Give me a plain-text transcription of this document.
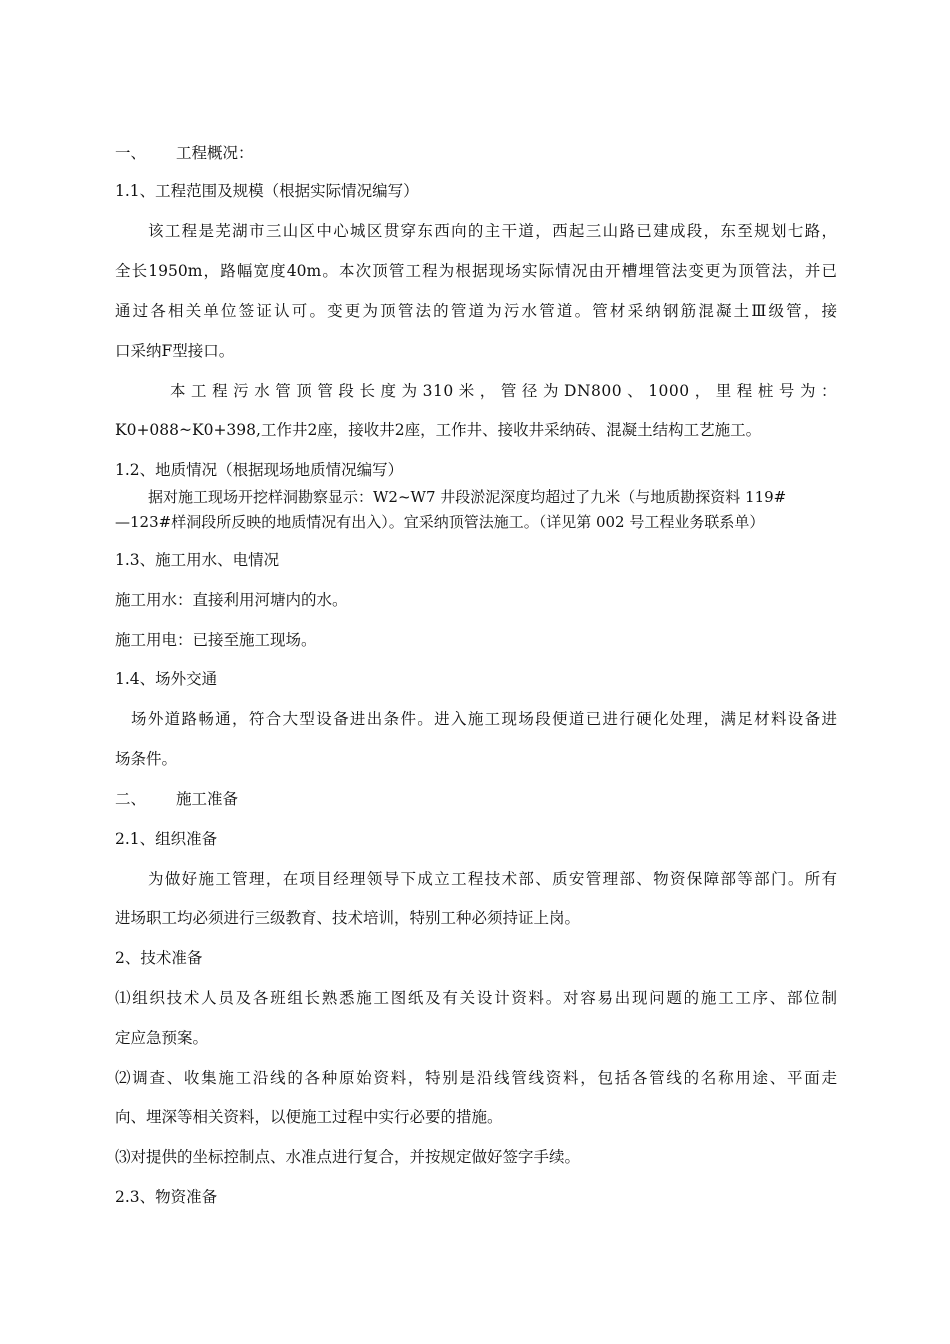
一、 工程概况：

1.1、工程范围及规模（根据实际情况编写）

该工程是芜湖市三山区中心城区贯穿东西向的主干道，西起三山路已建成段，东至规划七路，

全长1950m，路幅宽度40m。本次顶管工程为根据现场实际情况由开槽埋管法变更为顶管法，并已

通过各相关单位签证认可。变更为顶管法的管道为污水管道。管材采纳钢筋混凝土Ⅲ级管，接

口采纳F型接口。

本工程污水管顶管段长度为310米，管径为DN800、1000，里程桩号为：

K0+088~K0+398,工作井2座，接收井2座，工作井、接收井采纳砖、混凝土结构工艺施工。

1.2、地质情况（根据现场地质情况编写）

据对施工现场开挖样洞勘察显示：W2~W7 井段淤泥深度均超过了九米（与地质勘探资料 119#

—123#样洞段所反映的地质情况有出入）。宜采纳顶管法施工。（详见第 002 号工程业务联系单）

1.3、施工用水、电情况

施工用水：直接利用河塘内的水。

施工用电：已接至施工现场。

1.4、场外交通

场外道路畅通，符合大型设备进出条件。进入施工现场段便道已进行硬化处理，满足材料设备进

场条件。

二、 施工准备

2.1、组织准备

为做好施工管理，在项目经理领导下成立工程技术部、质安管理部、物资保障部等部门。所有

进场职工均必须进行三级教育、技术培训，特别工种必须持证上岗。

2、技术准备

⑴组织技术人员及各班组长熟悉施工图纸及有关设计资料。对容易出现问题的施工工序、部位制

定应急预案。

⑵调查、收集施工沿线的各种原始资料，特别是沿线管线资料，包括各管线的名称用途、平面走

向、埋深等相关资料，以便施工过程中实行必要的措施。

⑶对提供的坐标控制点、水准点进行复合，并按规定做好签字手续。

2.3、物资准备
